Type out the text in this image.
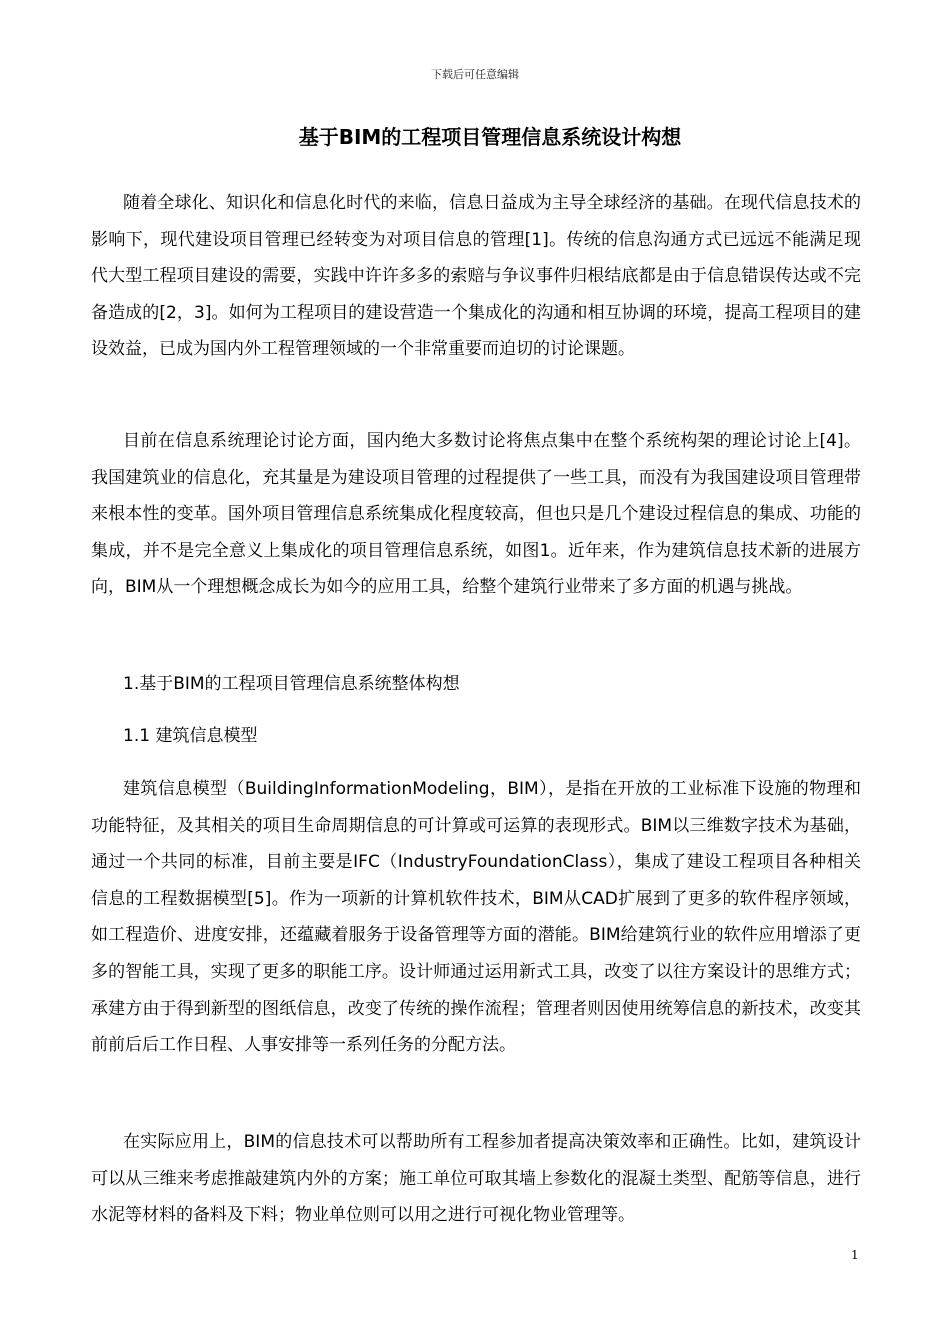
下载后可任意编辑
基于BIM的工程项目管理信息系统设计构想

随着全球化、知识化和信息化时代的来临，信息日益成为主导全球经济的基础。在现代信息技术的影响下，现代建设项目管理已经转变为对项目信息的管理[1]。传统的信息沟通方式已远远不能满足现代大型工程项目建设的需要，实践中许许多多的索赔与争议事件归根结底都是由于信息错误传达或不完备造成的[2，3]。如何为工程项目的建设营造一个集成化的沟通和相互协调的环境，提高工程项目的建设效益，已成为国内外工程管理领域的一个非常重要而迫切的讨论课题。

目前在信息系统理论讨论方面，国内绝大多数讨论将焦点集中在整个系统构架的理论讨论上[4]。我国建筑业的信息化，充其量是为建设项目管理的过程提供了一些工具，而没有为我国建设项目管理带来根本性的变革。国外项目管理信息系统集成化程度较高，但也只是几个建设过程信息的集成、功能的集成，并不是完全意义上集成化的项目管理信息系统，如图1。近年来，作为建筑信息技术新的进展方向，BIM从一个理想概念成长为如今的应用工具，给整个建筑行业带来了多方面的机遇与挑战。

1.基于BIM的工程项目管理信息系统整体构想
1.1 建筑信息模型

建筑信息模型（BuildingInformationModeling，BIM），是指在开放的工业标准下设施的物理和功能特征，及其相关的项目生命周期信息的可计算或可运算的表现形式。BIM以三维数字技术为基础，通过一个共同的标准，目前主要是IFC（IndustryFoundationClass），集成了建设工程项目各种相关信息的工程数据模型[5]。作为一项新的计算机软件技术，BIM从CAD扩展到了更多的软件程序领域，如工程造价、进度安排，还蕴藏着服务于设备管理等方面的潜能。BIM给建筑行业的软件应用增添了更多的智能工具，实现了更多的职能工序。设计师通过运用新式工具，改变了以往方案设计的思维方式；承建方由于得到新型的图纸信息，改变了传统的操作流程；管理者则因使用统筹信息的新技术，改变其前前后后工作日程、人事安排等一系列任务的分配方法。

在实际应用上，BIM的信息技术可以帮助所有工程参加者提高决策效率和正确性。比如，建筑设计可以从三维来考虑推敲建筑内外的方案；施工单位可取其墙上参数化的混凝土类型、配筋等信息，进行水泥等材料的备料及下料；物业单位则可以用之进行可视化物业管理等。

1
